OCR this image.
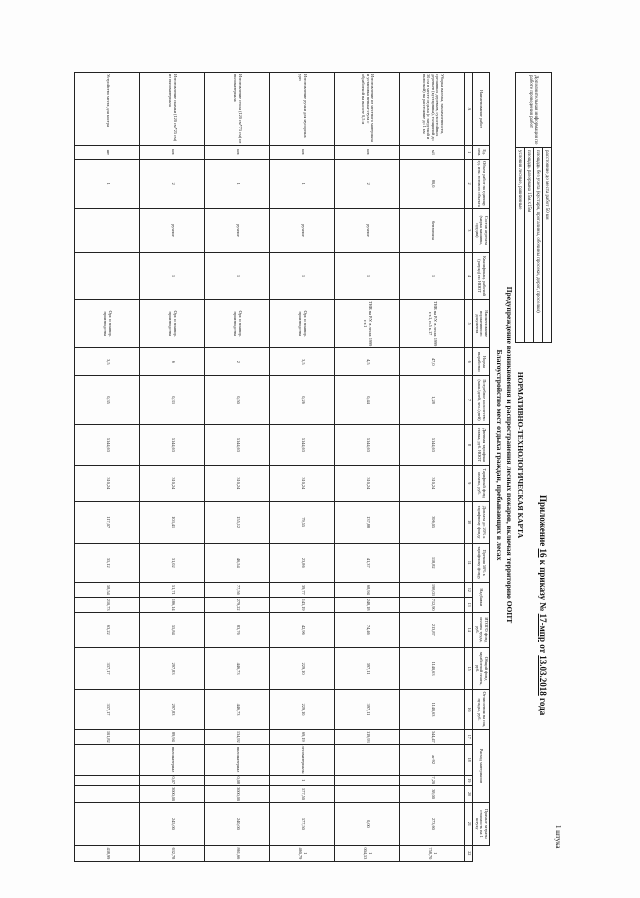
1 штука
Приложение 16 к приказу № 17-мпр от 13.03.2018 года
Дополнительная информация по работе проведения работ	расстояние до места работ 50 км
площадь без учета (кустарн, прогалины, обочины просеки, дорог, проселки)
площадь разорвана 15м.х15м
условия лесные, равнинные
НОРМАТИВНО-ТЕХНОЛОГИЧЕСКАЯ КАРТА
Предупреждение возникновения и распространения лесных пожаров, включая территорию ООПТ
Благоустройство мест отдыха граждан, пребывающих в лесах
Наименование работ	Ед. изм.	Объем работ на единицу ед. изм. готового объекта	Состав агрегата (марка машины, орудия)	Квалификац. рабочий (разряд) по НООТ	Наименование нормативного документа	Норма выработки	Потребное количество (маш./дней, чел./дней)	Дневная тарифная ставка, руб. НООТ	Тарифный фонд оплаты, руб.	Доплата до 20% к тарифному фонду	Премия 50% к тарифному фонду	Надбавки		ИТОГО фонд оплаты труда, руб.	Общий фонд заработной платы, руб.	Отчисления на соц. нужды, руб.	Расход материалов				Прямые затраты стоимость на 1 штуку	
А	1	2	3	4	5	6	7	8	9	10	11	12	13	14	15	16	17	18	19	20	21	22
Уборка валежа, захламленности, срезанных деревьев, сухостойных деревьев (кустарника), толщиной до 30 см в месте отдыха (с загрузкой и вывозкой) на расстояние до 1 км	м3	80,0	бензопила	1	ТНВ на Р.У. в лесах 1999 г.т.1, п.5 к.17	47,0	1,28	5144,63	310,24	396,05	118,82	198,03	712,90	213,87	1140,63	1140,63	344,47	ж-92	7,20	38,00	273,60	1 758,70
Изготовление из местного материала и установка пенька-стула с обработкой на высоте 0,5 м	шт.	2	ручное	1	ТНВ на Р.У. в лесах 1999 г.т.1	4,5	0,44	5144,63	310,24	137,88	41,37	68,94	248,18	74,46	397,11	397,11	119,93				0,00	1 004,53
Изготовление ручки для мусорных урн	шт.	1	ручное	1	Орг. и планир. производства	3,5	0,26	5144,63	310,24	79,55	23,86	39,77	143,19	42,96	229,10	229,10	69,19	лесоматериалы	1	577,50	577,50	1 460,79
Изготовление стола (120 см*75 см) из пиломатериала	шт.	1	ручное	1	Орг. и планир. производства	2	0,50	5144,63	310,24	155,12	46,54	77,56	279,22	83,76	446,73	446,73	134,92	пиломатериал	0,08	3000,00	240,00	861,66
Изготовление скамьи (120 см*25 см) из пиломатериала	шт.	2	ручное	1	Орг. и планир. производства	6	0,33	5144,63	310,24	103,41	31,02	51,71	186,14	55,84	297,83	297,83	89,94	пиломатериал	0,07	3000,00	245,00	632,78
Устройство места для костра	шт	1			Орг. и планир. производства	3,5	0,35	5144,63	310,24	117,07	35,12	58,54	210,73	63,22	337,17	337,17	101,82					438,99
